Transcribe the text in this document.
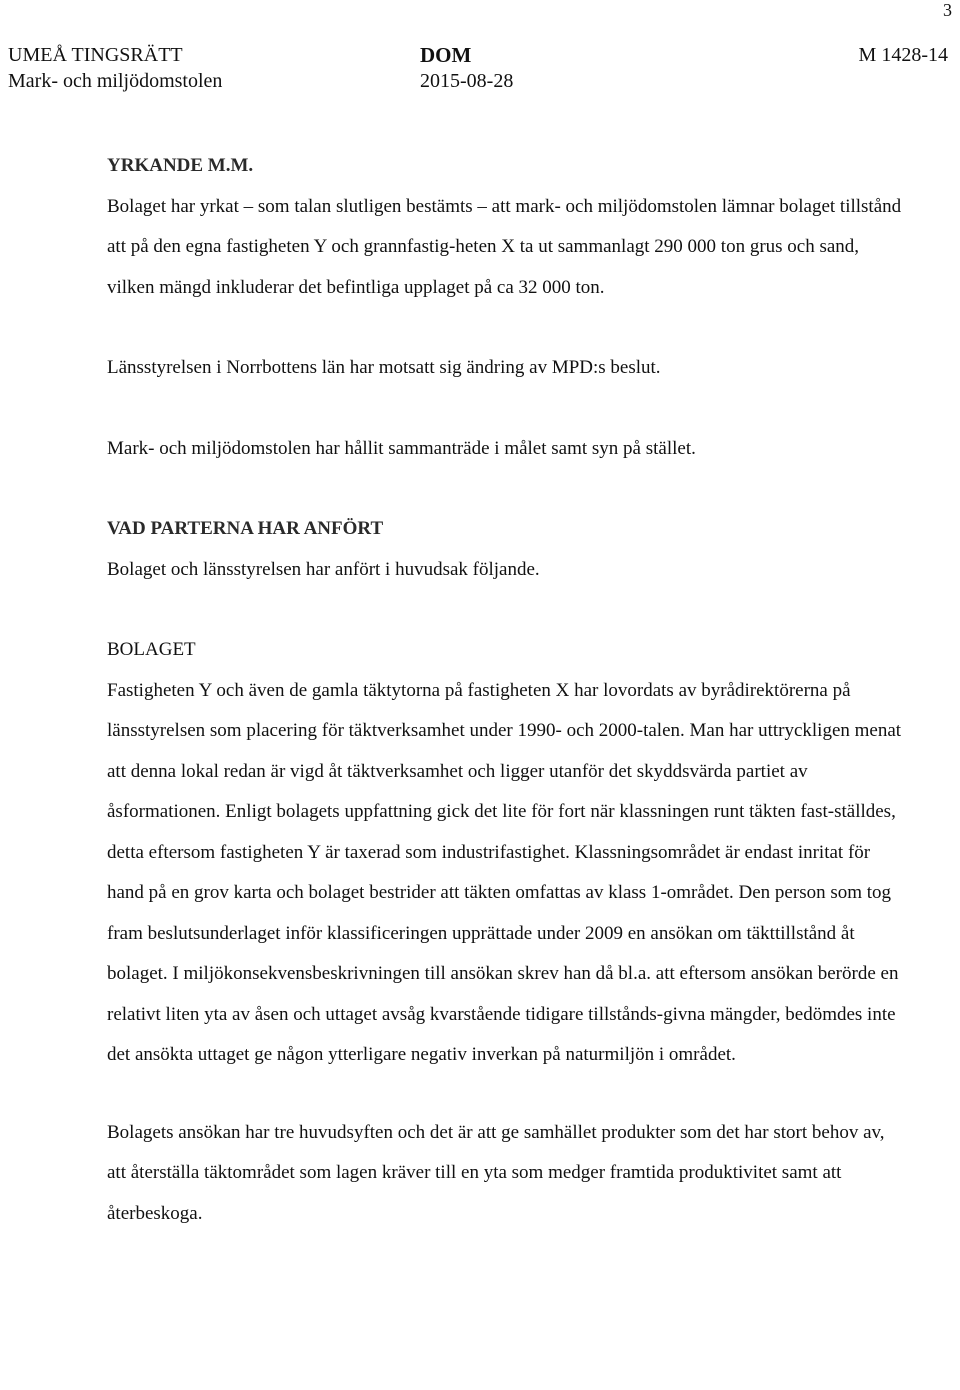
3
UMEÅ TINGSRÄTT
Mark- och miljödomstolen
DOM
2015-08-28
M 1428-14

YRKANDE M.M.

Bolaget har yrkat – som talan slutligen bestämts – att mark- och miljödomstolen lämnar bolaget tillstånd att på den egna fastigheten Y och grannfastig-heten X ta ut sammanlagt 290 000 ton grus och sand, vilken mängd inkluderar det befintliga upplaget på ca 32 000 ton.

Länsstyrelsen i Norrbottens län har motsatt sig ändring av MPD:s beslut.

Mark- och miljödomstolen har hållit sammanträde i målet samt syn på stället.

VAD PARTERNA HAR ANFÖRT

Bolaget och länsstyrelsen har anfört i huvudsak följande.

BOLAGET

Fastigheten Y och även de gamla täktytorna på fastigheten X har lovordats av byrådirektörerna på länsstyrelsen som placering för täktverksamhet under 1990- och 2000-talen. Man har uttryckligen menat att denna lokal redan är vigd åt täktverksamhet och ligger utanför det skyddsvärda partiet av åsformationen. Enligt bolagets uppfattning gick det lite för fort när klassningen runt täkten fast-ställdes, detta eftersom fastigheten Y är taxerad som industrifastighet. Klassningsområdet är endast inritat för hand på en grov karta och bolaget bestrider att täkten omfattas av klass 1-området. Den person som tog fram beslutsunderlaget inför klassificeringen upprättade under 2009 en ansökan om täkttillstånd åt bolaget. I miljökonsekvensbeskrivningen till ansökan skrev han då bl.a. att eftersom ansökan berörde en relativt liten yta av åsen och uttaget avsåg kvarstående tidigare tillstånds-givna mängder, bedömdes inte det ansökta uttaget ge någon ytterligare negativ inverkan på naturmiljön i området.

Bolagets ansökan har tre huvudsyften och det är att ge samhället produkter som det har stort behov av, att återställa täktområdet som lagen kräver till en yta som medger framtida produktivitet samt att återbeskoga.
